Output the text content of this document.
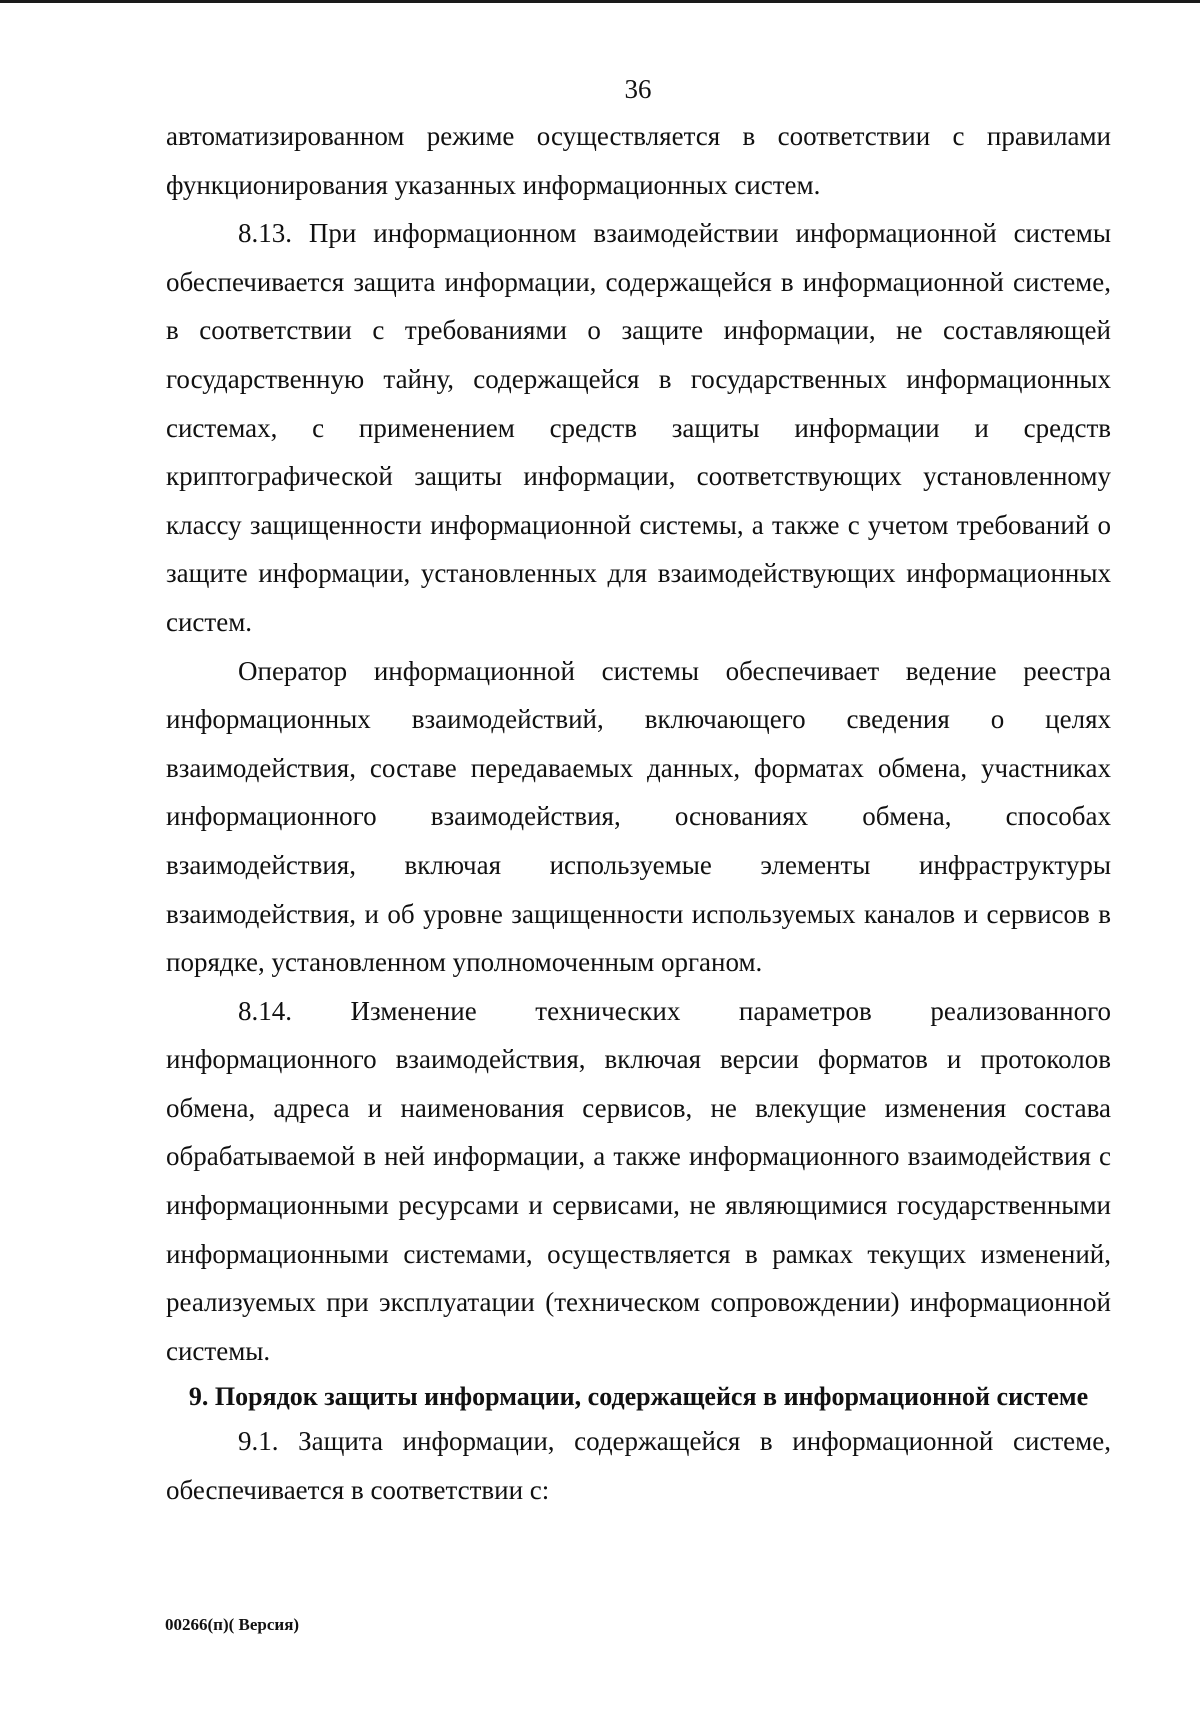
36

автоматизированном режиме осуществляется в соответствии с правилами функционирования указанных информационных систем.

8.13. При информационном взаимодействии информационной системы обеспечивается защита информации, содержащейся в информационной системе, в соответствии с требованиями о защите информации, не составляющей государственную тайну, содержащейся в государственных информационных системах, с применением средств защиты информации и средств криптографической защиты информации, соответствующих установленному классу защищенности информационной системы, а также с учетом требований о защите информации, установленных для взаимодействующих информационных систем.

Оператор информационной системы обеспечивает ведение реестра информационных взаимодействий, включающего сведения о целях взаимодействия, составе передаваемых данных, форматах обмена, участниках информационного взаимодействия, основаниях обмена, способах взаимодействия, включая используемые элементы инфраструктуры взаимодействия, и об уровне защищенности используемых каналов и сервисов в порядке, установленном уполномоченным органом.

8.14. Изменение технических параметров реализованного информационного взаимодействия, включая версии форматов и протоколов обмена, адреса и наименования сервисов, не влекущие изменения состава обрабатываемой в ней информации, а также информационного взаимодействия с информационными ресурсами и сервисами, не являющимися государственными информационными системами, осуществляется в рамках текущих изменений, реализуемых при эксплуатации (техническом сопровождении) информационной системы.

9. Порядок защиты информации, содержащейся в информационной системе

9.1. Защита информации, содержащейся в информационной системе, обеспечивается в соответствии с:

00266(п)( Версия)
